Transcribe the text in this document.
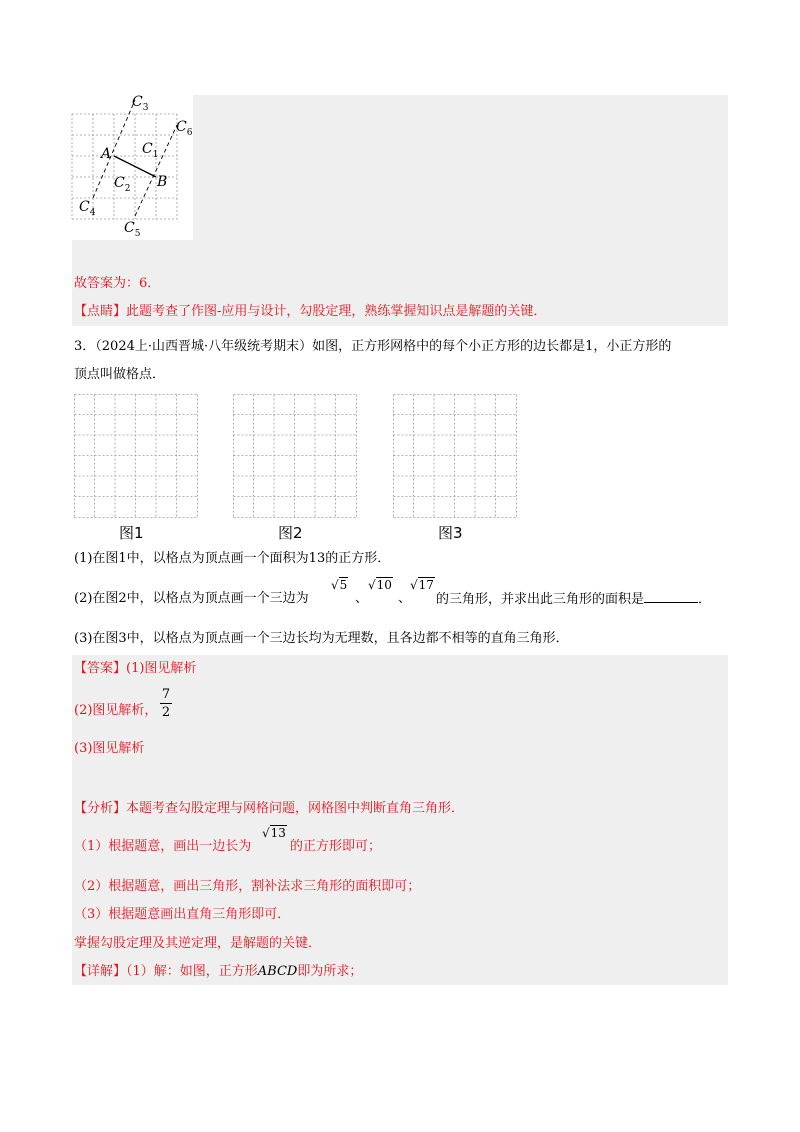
$C_3$
$C_6$
$C_1$
A
$C_2$ B
$C_4$
$C_5$
故答案为：6．
【点睛】此题考查了作图-应用与设计，勾股定理，熟练掌握知识点是解题的关键．
3．（2024上·山西晋城·八年级统考期末）如图，正方形网格中的每个小正方形的边长都是1，小正方形的
顶点叫做格点．
图1	图2	图3
(1)在图1中，以格点为顶点画一个面积为13的正方形．
(2)在图2中，以格点为顶点画一个三边为
√5
、
√10
、
√17
的三角形，并求出此三角形的面积是	．
(3)在图3中，以格点为顶点画一个三边长均为无理数，且各边都不相等的直角三角形．
【答案】(1)图见解析
(2)图见解析，
7
2
(3)图见解析
【分析】本题考查勾股定理与网格问题，网格图中判断直角三角形．
（1）根据题意，画出一边长为
√13
的正方形即可；
（2）根据题意，画出三角形，割补法求三角形的面积即可；
（3）根据题意画出直角三角形即可．
掌握勾股定理及其逆定理，是解题的关键．
【详解】（1）解：如图，正方形ABCD即为所求；
